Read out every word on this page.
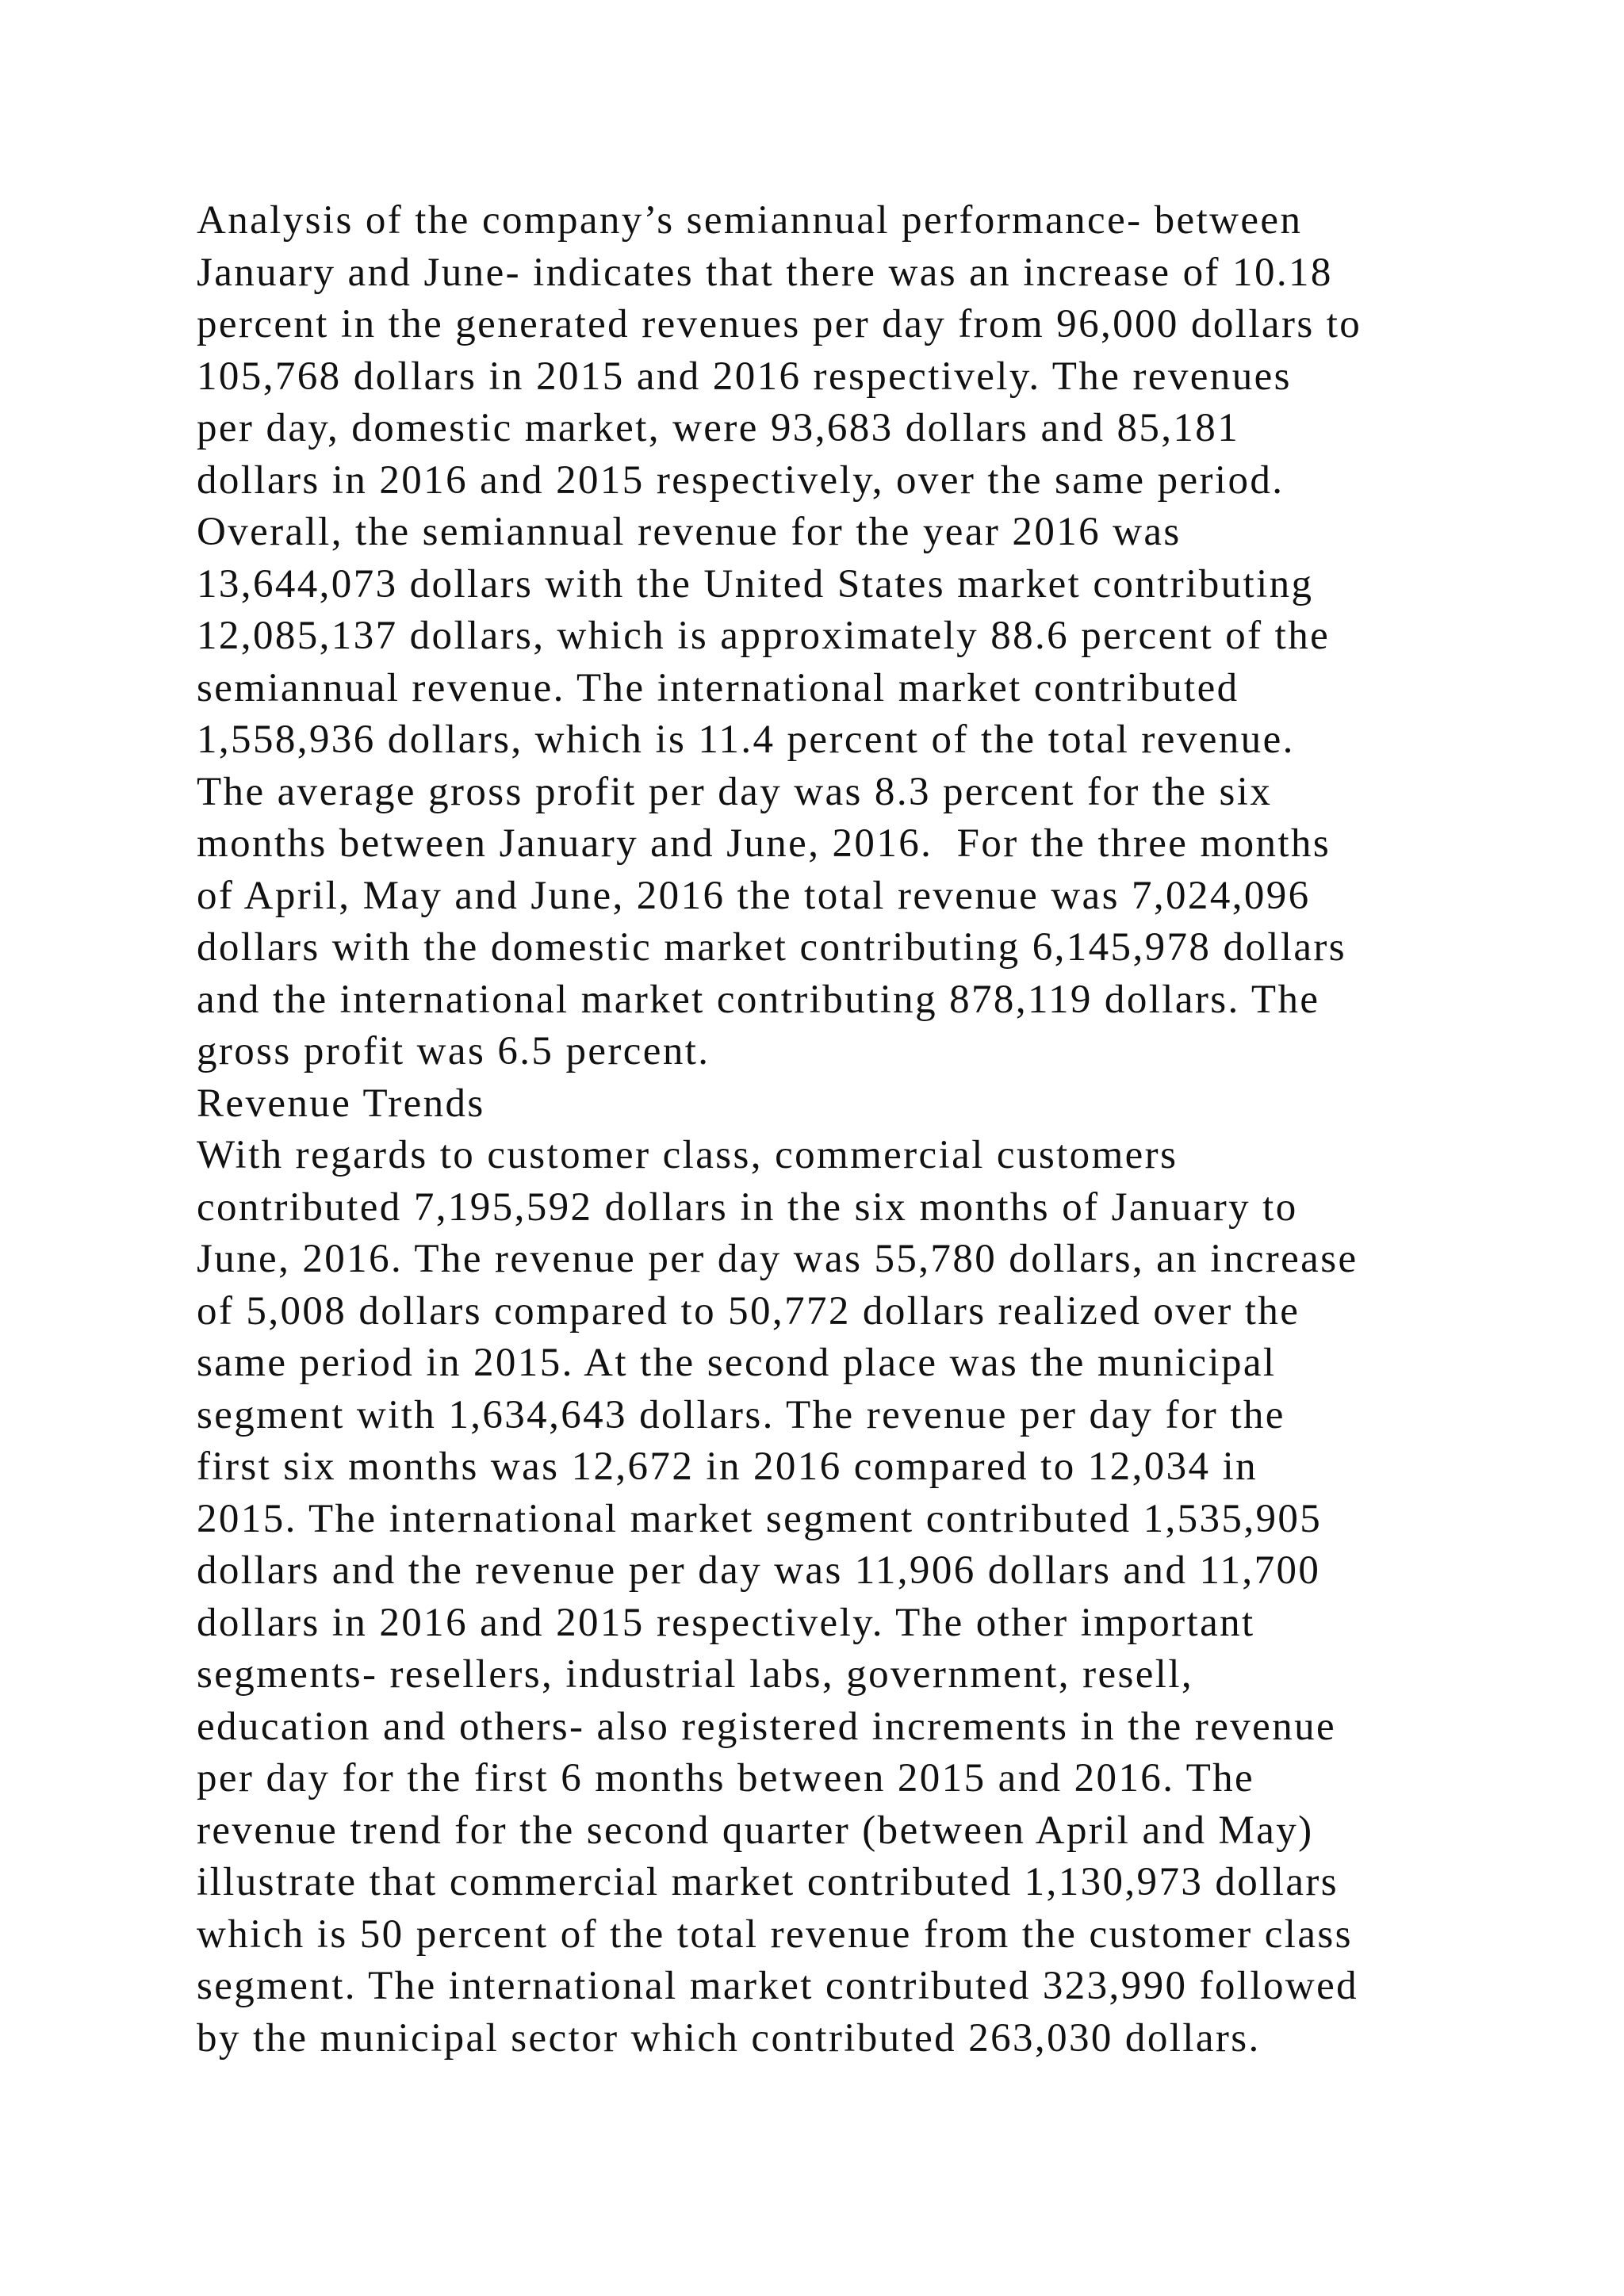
Analysis of the company’s semiannual performance- between
January and June- indicates that there was an increase of 10.18
percent in the generated revenues per day from 96,000 dollars to
105,768 dollars in 2015 and 2016 respectively. The revenues
per day, domestic market, were 93,683 dollars and 85,181
dollars in 2016 and 2015 respectively, over the same period.
Overall, the semiannual revenue for the year 2016 was
13,644,073 dollars with the United States market contributing
12,085,137 dollars, which is approximately 88.6 percent of the
semiannual revenue. The international market contributed
1,558,936 dollars, which is 11.4 percent of the total revenue.
The average gross profit per day was 8.3 percent for the six
months between January and June, 2016.  For the three months
of April, May and June, 2016 the total revenue was 7,024,096
dollars with the domestic market contributing 6,145,978 dollars
and the international market contributing 878,119 dollars. The
gross profit was 6.5 percent.
Revenue Trends
With regards to customer class, commercial customers
contributed 7,195,592 dollars in the six months of January to
June, 2016. The revenue per day was 55,780 dollars, an increase
of 5,008 dollars compared to 50,772 dollars realized over the
same period in 2015. At the second place was the municipal
segment with 1,634,643 dollars. The revenue per day for the
first six months was 12,672 in 2016 compared to 12,034 in
2015. The international market segment contributed 1,535,905
dollars and the revenue per day was 11,906 dollars and 11,700
dollars in 2016 and 2015 respectively. The other important
segments- resellers, industrial labs, government, resell,
education and others- also registered increments in the revenue
per day for the first 6 months between 2015 and 2016. The
revenue trend for the second quarter (between April and May)
illustrate that commercial market contributed 1,130,973 dollars
which is 50 percent of the total revenue from the customer class
segment. The international market contributed 323,990 followed
by the municipal sector which contributed 263,030 dollars.
